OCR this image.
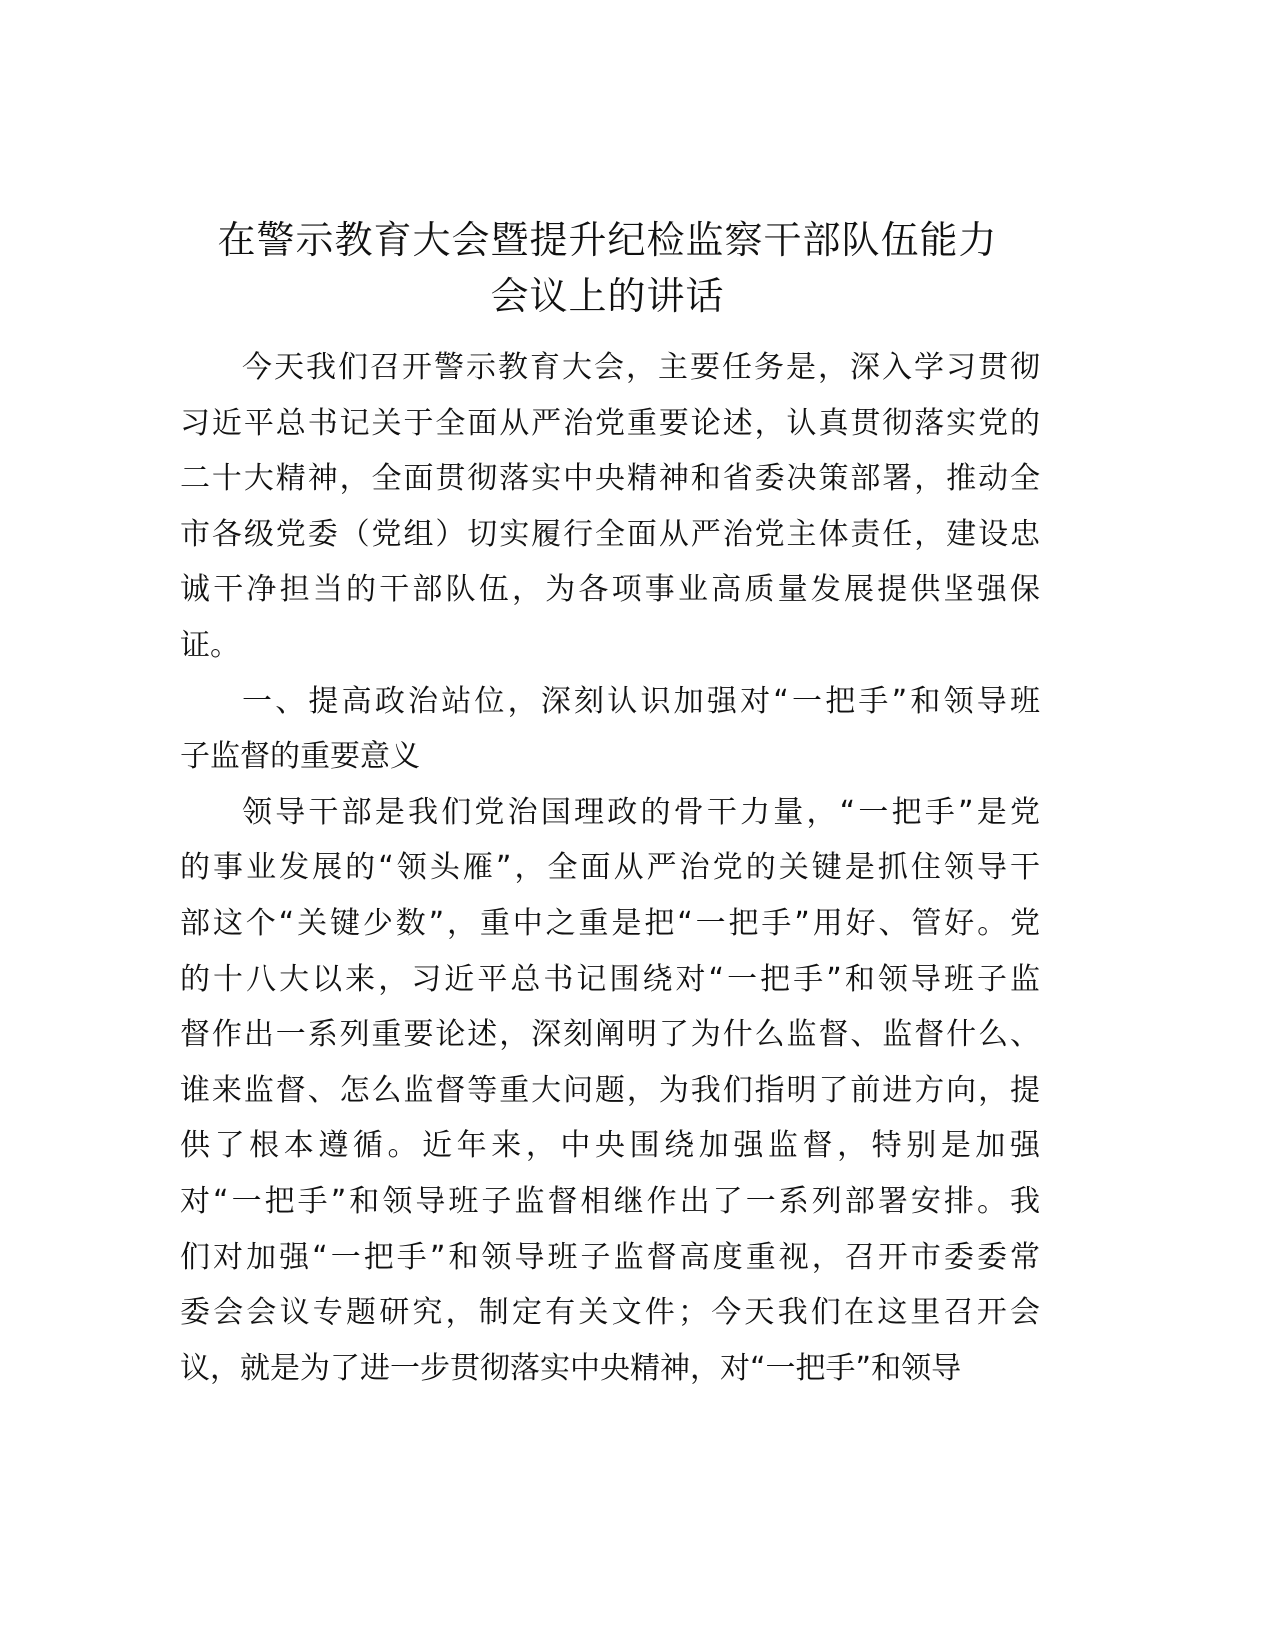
在警示教育大会暨提升纪检监察干部队伍能力
会议上的讲话
今天我们召开警示教育大会，主要任务是，深入学习贯彻
习近平总书记关于全面从严治党重要论述，认真贯彻落实党的
二十大精神，全面贯彻落实中央精神和省委决策部署，推动全
市各级党委（党组）切实履行全面从严治党主体责任，建设忠
诚干净担当的干部队伍，为各项事业高质量发展提供坚强保
证。
一、提高政治站位，深刻认识加强对“一把手”和领导班
子监督的重要意义
领导干部是我们党治国理政的骨干力量，“一把手”是党
的事业发展的“领头雁”，全面从严治党的关键是抓住领导干
部这个“关键少数”，重中之重是把“一把手”用好、管好。党
的十八大以来，习近平总书记围绕对“一把手”和领导班子监
督作出一系列重要论述，深刻阐明了为什么监督、监督什么、
谁来监督、怎么监督等重大问题，为我们指明了前进方向，提
供了根本遵循。近年来，中央围绕加强监督，特别是加强
对“一把手”和领导班子监督相继作出了一系列部署安排。我
们对加强“一把手”和领导班子监督高度重视，召开市委委常
委会会议专题研究，制定有关文件；今天我们在这里召开会
议，就是为了进一步贯彻落实中央精神，对“一把手”和领导
